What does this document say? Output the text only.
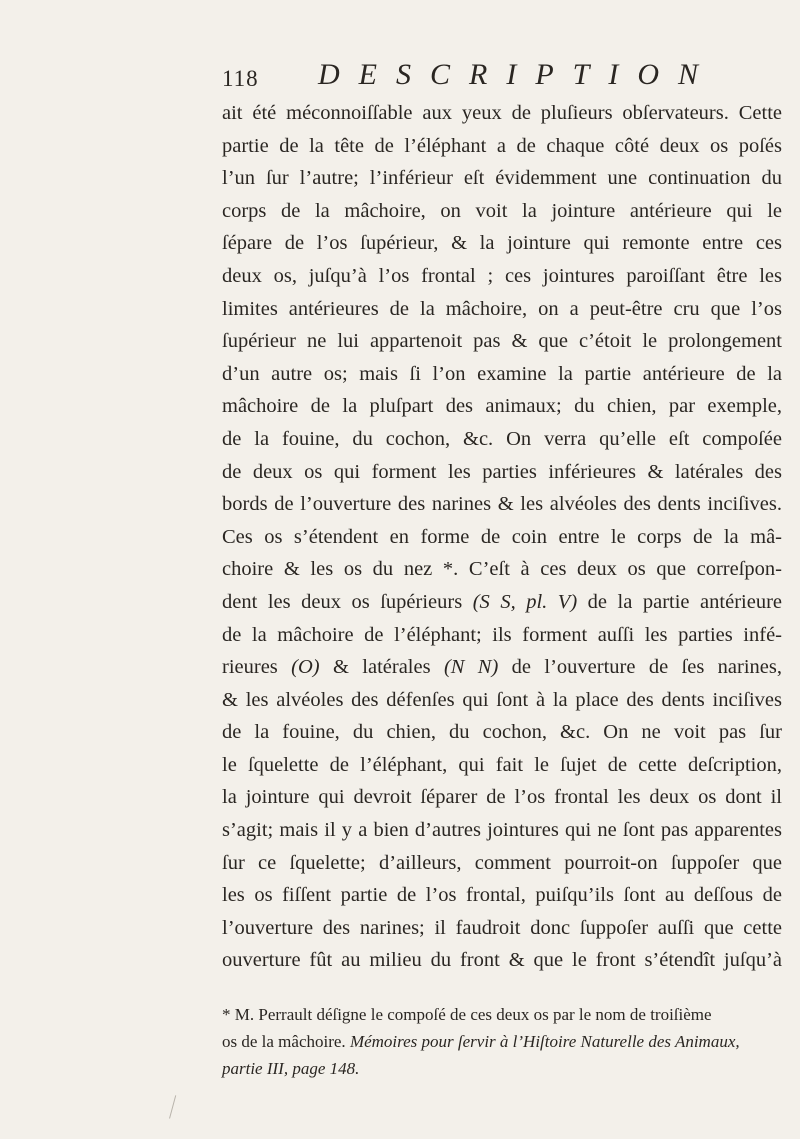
118 DESCRIPTION
ait été méconnoiſſable aux yeux de pluſieurs obſervateurs. Cette
partie de la tête de l’éléphant a de chaque côté deux os poſés
l’un ſur l’autre; l’inférieur eſt évidemment une continuation du
corps de la mâchoire, on voit la jointure antérieure qui le
ſépare de l’os ſupérieur, & la jointure qui remonte entre ces
deux os, juſqu’à l’os frontal ; ces jointures paroiſſant être les
limites antérieures de la mâchoire, on a peut-être cru que l’os
ſupérieur ne lui appartenoit pas & que c’étoit le prolongement
d’un autre os; mais ſi l’on examine la partie antérieure de la
mâchoire de la pluſpart des animaux; du chien, par exemple,
de la fouine, du cochon, &c. On verra qu’elle eſt compoſée
de deux os qui forment les parties inférieures & latérales des
bords de l’ouverture des narines & les alvéoles des dents inciſives.
Ces os s’étendent en forme de coin entre le corps de la mâ-
choire & les os du nez *. C’eſt à ces deux os que correſpon-
dent les deux os ſupérieurs (S S, pl. V) de la partie antérieure
de la mâchoire de l’éléphant; ils forment auſſi les parties infé-
rieures (O) & latérales (N N) de l’ouverture de ſes narines,
& les alvéoles des défenſes qui ſont à la place des dents inciſives
de la fouine, du chien, du cochon, &c. On ne voit pas ſur
le ſquelette de l’éléphant, qui fait le ſujet de cette deſcription,
la jointure qui devroit ſéparer de l’os frontal les deux os dont il
s’agit; mais il y a bien d’autres jointures qui ne ſont pas apparentes
ſur ce ſquelette; d’ailleurs, comment pourroit-on ſuppoſer que
les os fiſſent partie de l’os frontal, puiſqu’ils ſont au deſſous de
l’ouverture des narines; il faudroit donc ſuppoſer auſſi que cette
ouverture fût au milieu du front & que le front s’étendît juſqu’à
* M. Perrault déſigne le compoſé de ces deux os par le nom de troiſième
os de la mâchoire. Mémoires pour ſervir à l’Hiſtoire Naturelle des Animaux,
partie III, page 148.
